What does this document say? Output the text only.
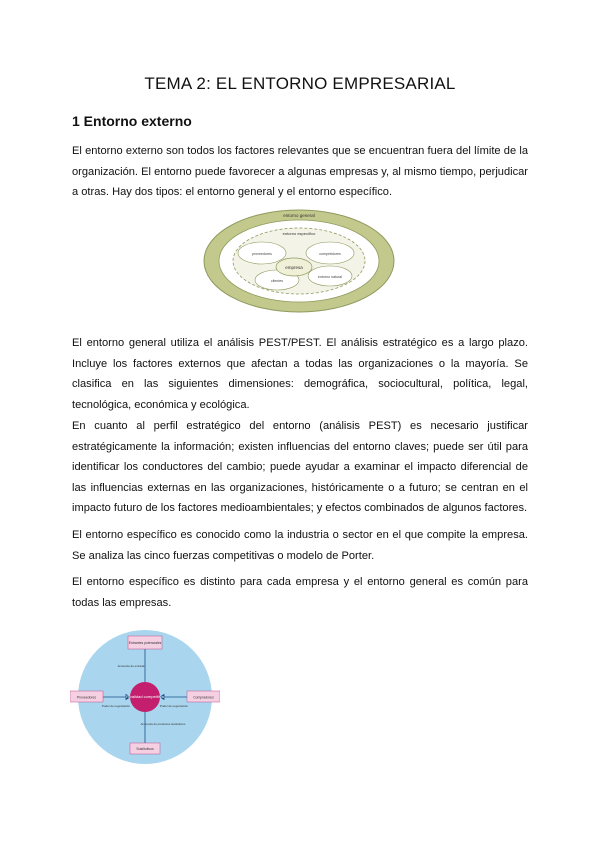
TEMA 2: EL ENTORNO EMPRESARIAL
1 Entorno externo

El entorno externo son todos los factores relevantes que se encuentran fuera del límite de la organización. El entorno puede favorecer a algunas empresas y, al mismo tiempo, perjudicar a otras. Hay dos tipos: el entorno general y el entorno específico.

entorno general
entorno específico
empresa
proveedores	competidores
clientes
entorno natural

El entorno general utiliza el análisis PEST/PEST. El análisis estratégico es a largo plazo. Incluye los factores externos que afectan a todas las organizaciones o la mayoría. Se clasifica en las siguientes dimensiones: demográfica, sociocultural, política, legal, tecnológica, económica y ecológica.

En cuanto al perfil estratégico del entorno (análisis PEST) es necesario justificar estratégicamente la información; existen influencias del entorno claves; puede ser útil para identificar los conductores del cambio; puede ayudar a examinar el impacto diferencial de las influencias externas en las organizaciones, históricamente o a futuro; se centran en el impacto futuro de los factores medioambientales; y efectos combinados de algunos factores.

El entorno específico es conocido como la industria o sector en el que compite la empresa. Se analiza las cinco fuerzas competitivas o modelo de Porter.

El entorno específico es distinto para cada empresa y el entorno general es común para todas las empresas.

Rivalidad competitiva
Entrantes potenciales
Proveedores	Compradores
Sustitutivos
Amenaza de entrada
Poder de negociación	Poder de negociación
Amenaza de productos sustitutivos
